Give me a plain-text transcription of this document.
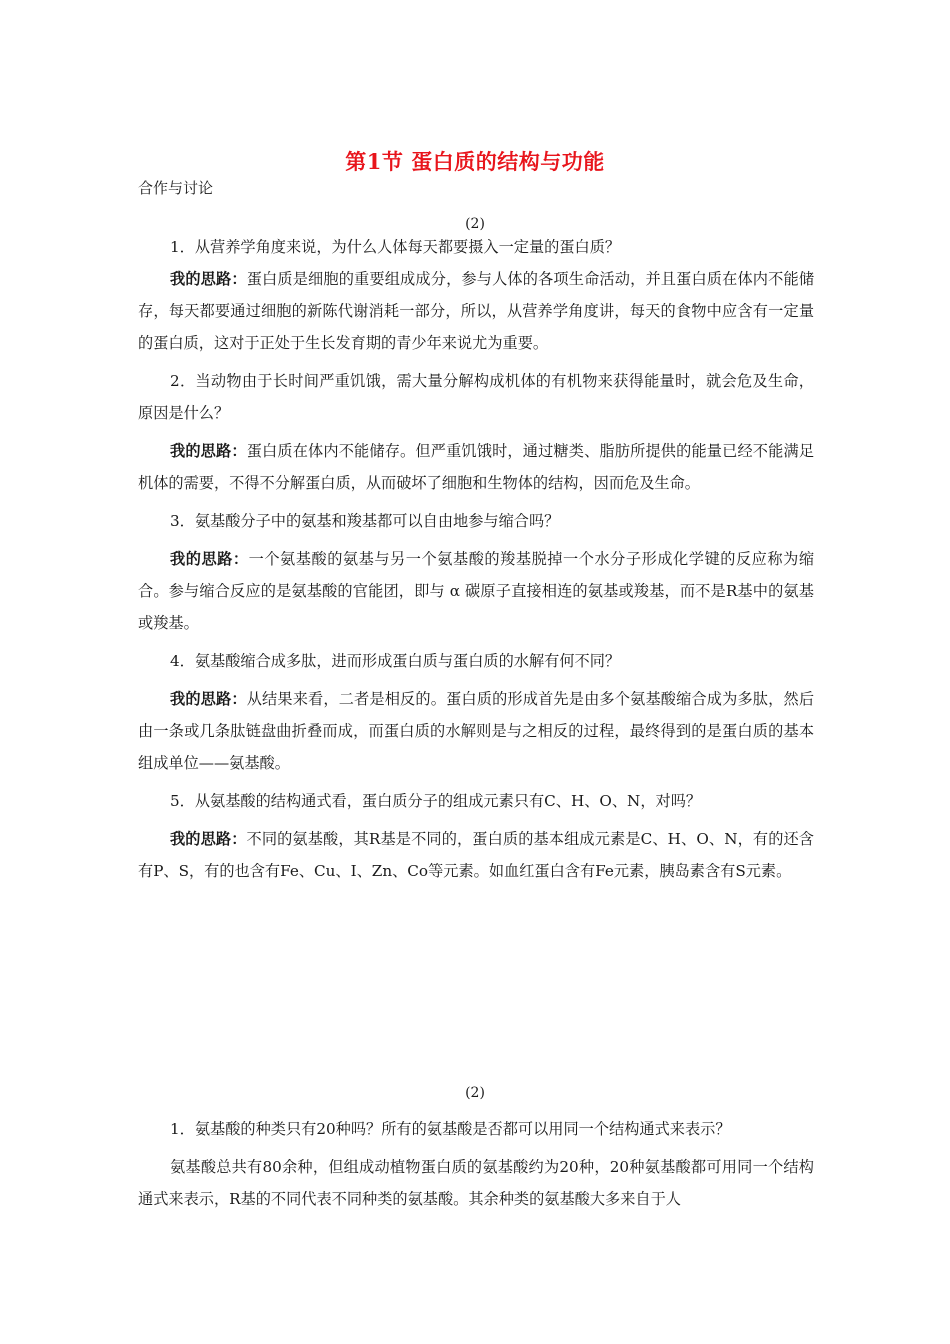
第1节 蛋白质的结构与功能
合作与讨论
(2)

1．从营养学角度来说，为什么人体每天都要摄入一定量的蛋白质？

我的思路：蛋白质是细胞的重要组成成分，参与人体的各项生命活动，并且蛋白质在体内不能储存，每天都要通过细胞的新陈代谢消耗一部分，所以，从营养学角度讲，每天的食物中应含有一定量的蛋白质，这对于正处于生长发育期的青少年来说尤为重要。

2．当动物由于长时间严重饥饿，需大量分解构成机体的有机物来获得能量时，就会危及生命，原因是什么？

我的思路：蛋白质在体内不能储存。但严重饥饿时，通过糖类、脂肪所提供的能量已经不能满足机体的需要，不得不分解蛋白质，从而破坏了细胞和生物体的结构，因而危及生命。

3．氨基酸分子中的氨基和羧基都可以自由地参与缩合吗？

我的思路：一个氨基酸的氨基与另一个氨基酸的羧基脱掉一个水分子形成化学键的反应称为缩合。参与缩合反应的是氨基酸的官能团，即与 α 碳原子直接相连的氨基或羧基，而不是R基中的氨基或羧基。

4．氨基酸缩合成多肽，进而形成蛋白质与蛋白质的水解有何不同？

我的思路：从结果来看，二者是相反的。蛋白质的形成首先是由多个氨基酸缩合成为多肽，然后由一条或几条肽链盘曲折叠而成，而蛋白质的水解则是与之相反的过程，最终得到的是蛋白质的基本组成单位——氨基酸。

5．从氨基酸的结构通式看，蛋白质分子的组成元素只有C、H、O、N，对吗？

我的思路：不同的氨基酸，其R基是不同的，蛋白质的基本组成元素是C、H、O、N，有的还含有P、S，有的也含有Fe、Cu、I、Zn、Co等元素。如血红蛋白含有Fe元素，胰岛素含有S元素。

(2)

1．氨基酸的种类只有20种吗？所有的氨基酸是否都可以用同一个结构通式来表示？

氨基酸总共有80余种，但组成动植物蛋白质的氨基酸约为20种，20种氨基酸都可用同一个结构通式来表示，R基的不同代表不同种类的氨基酸。其余种类的氨基酸大多来自于人
